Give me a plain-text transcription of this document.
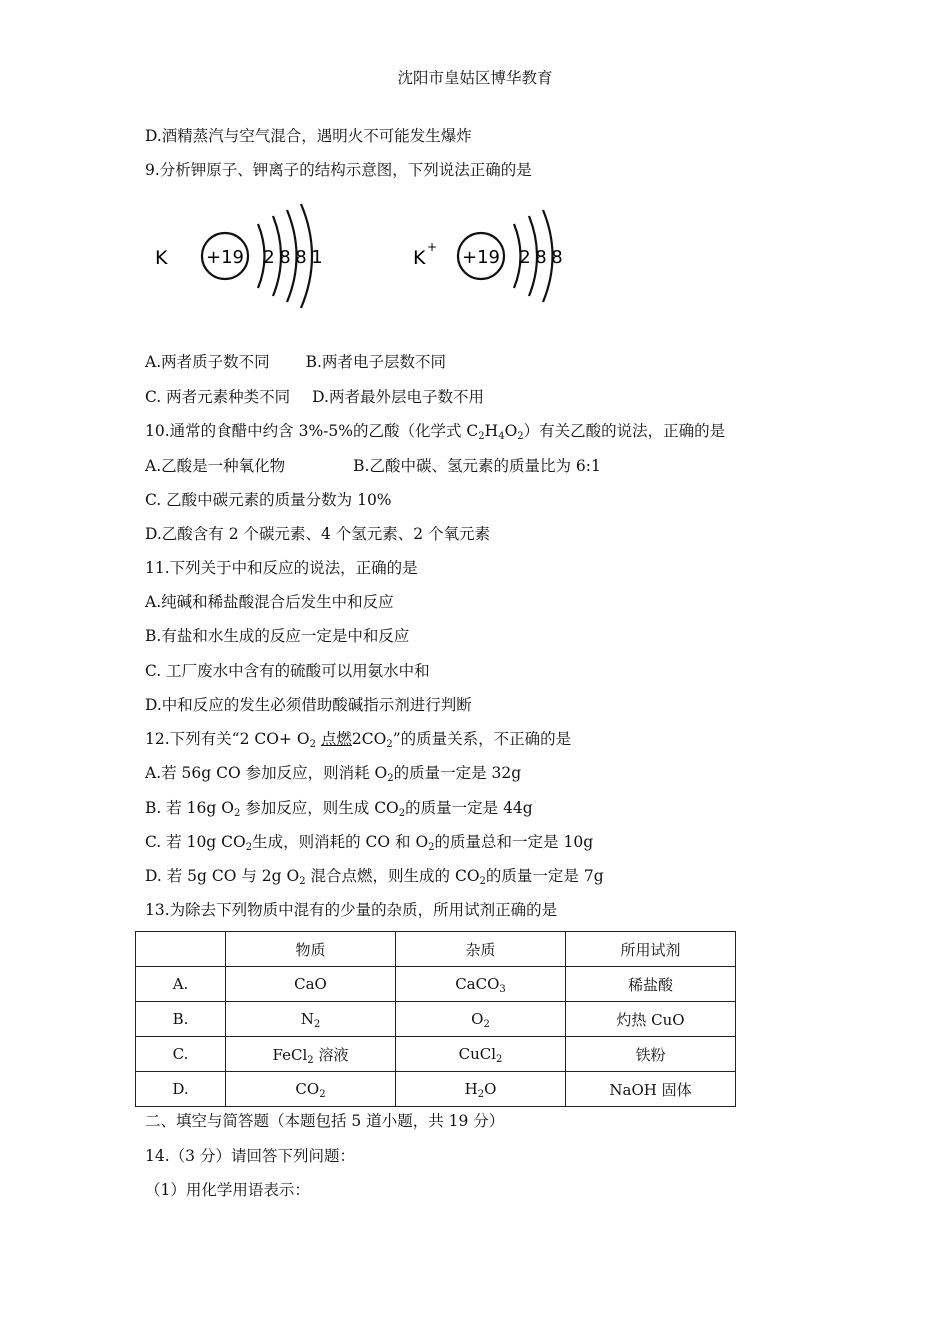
沈阳市皇姑区博华教育
D.酒精蒸汽与空气混合，遇明火不可能发生爆炸
9.分析钾原子、钾离子的结构示意图，下列说法正确的是
K +19 2 8 8 1	K + +19 2 8 8
A.两者质子数不同 B.两者电子层数不同
C. 两者元素种类不同 D.两者最外层电子数不用
10.通常的食醋中约含 3%-5%的乙酸（化学式 $C_2H_4O_2$）有关乙酸的说法，正确的是
A.乙酸是一种氧化物	B.乙酸中碳、氢元素的质量比为 6:1
C. 乙酸中碳元素的质量分数为 10%
D.乙酸含有 2 个碳元素、4 个氢元素、2 个氧元素
11.下列关于中和反应的说法，正确的是
A.纯碱和稀盐酸混合后发生中和反应
B.有盐和水生成的反应一定是中和反应
C. 工厂废水中含有的硫酸可以用氨水中和
D.中和反应的发生必须借助酸碱指示剂进行判断
12.下列有关“2 $CO+ O_2$ 点燃$2CO_2$”的质量关系，不正确的是
A.若 56g CO 参加反应，则消耗 $O_2$的质量一定是 32g
B. 若 16g $O_2$ 参加反应，则生成 $CO_2$的质量一定是 44g
C. 若 10g $CO_2$生成，则消耗的 CO 和 $O_2$的质量总和一定是 10g
D. 若 5g CO 与 2g $O_2$ 混合点燃，则生成的 $CO_2$的质量一定是 7g
13.为除去下列物质中混有的少量的杂质，所用试剂正确的是
	物质	杂质	所用试剂
A.	CaO	CaCO$_3$	稀盐酸
B.	$N_2$	$O_2$	灼热 CuO
C.	FeCl$_2$ 溶液	CuCl$_2$	铁粉
D.	$CO_2$	$H_2O$	NaOH 固体
二、填空与简答题（本题包括 5 道小题，共 19 分）
14.（3 分）请回答下列问题：
（1）用化学用语表示：
